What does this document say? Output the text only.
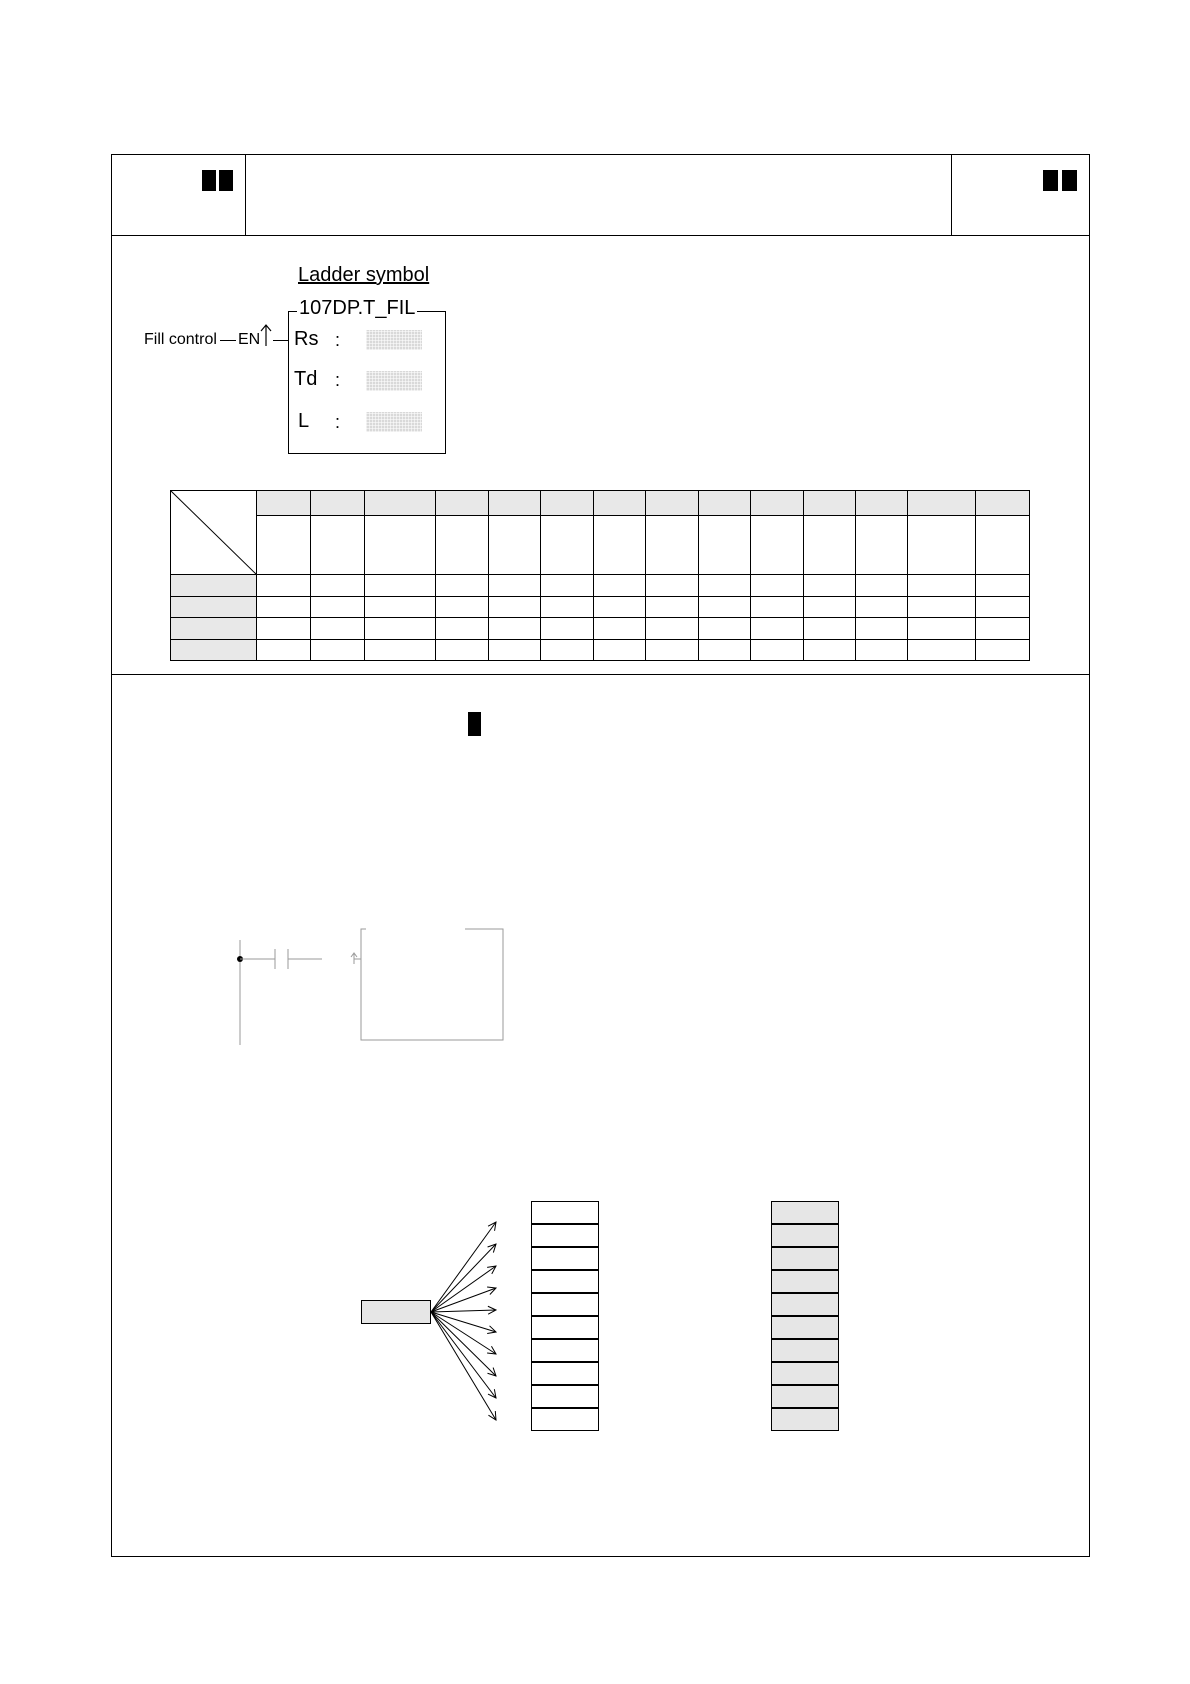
Ladder symbol
107DP.T_FIL
Fill control EN Rs :
Td :
L :
